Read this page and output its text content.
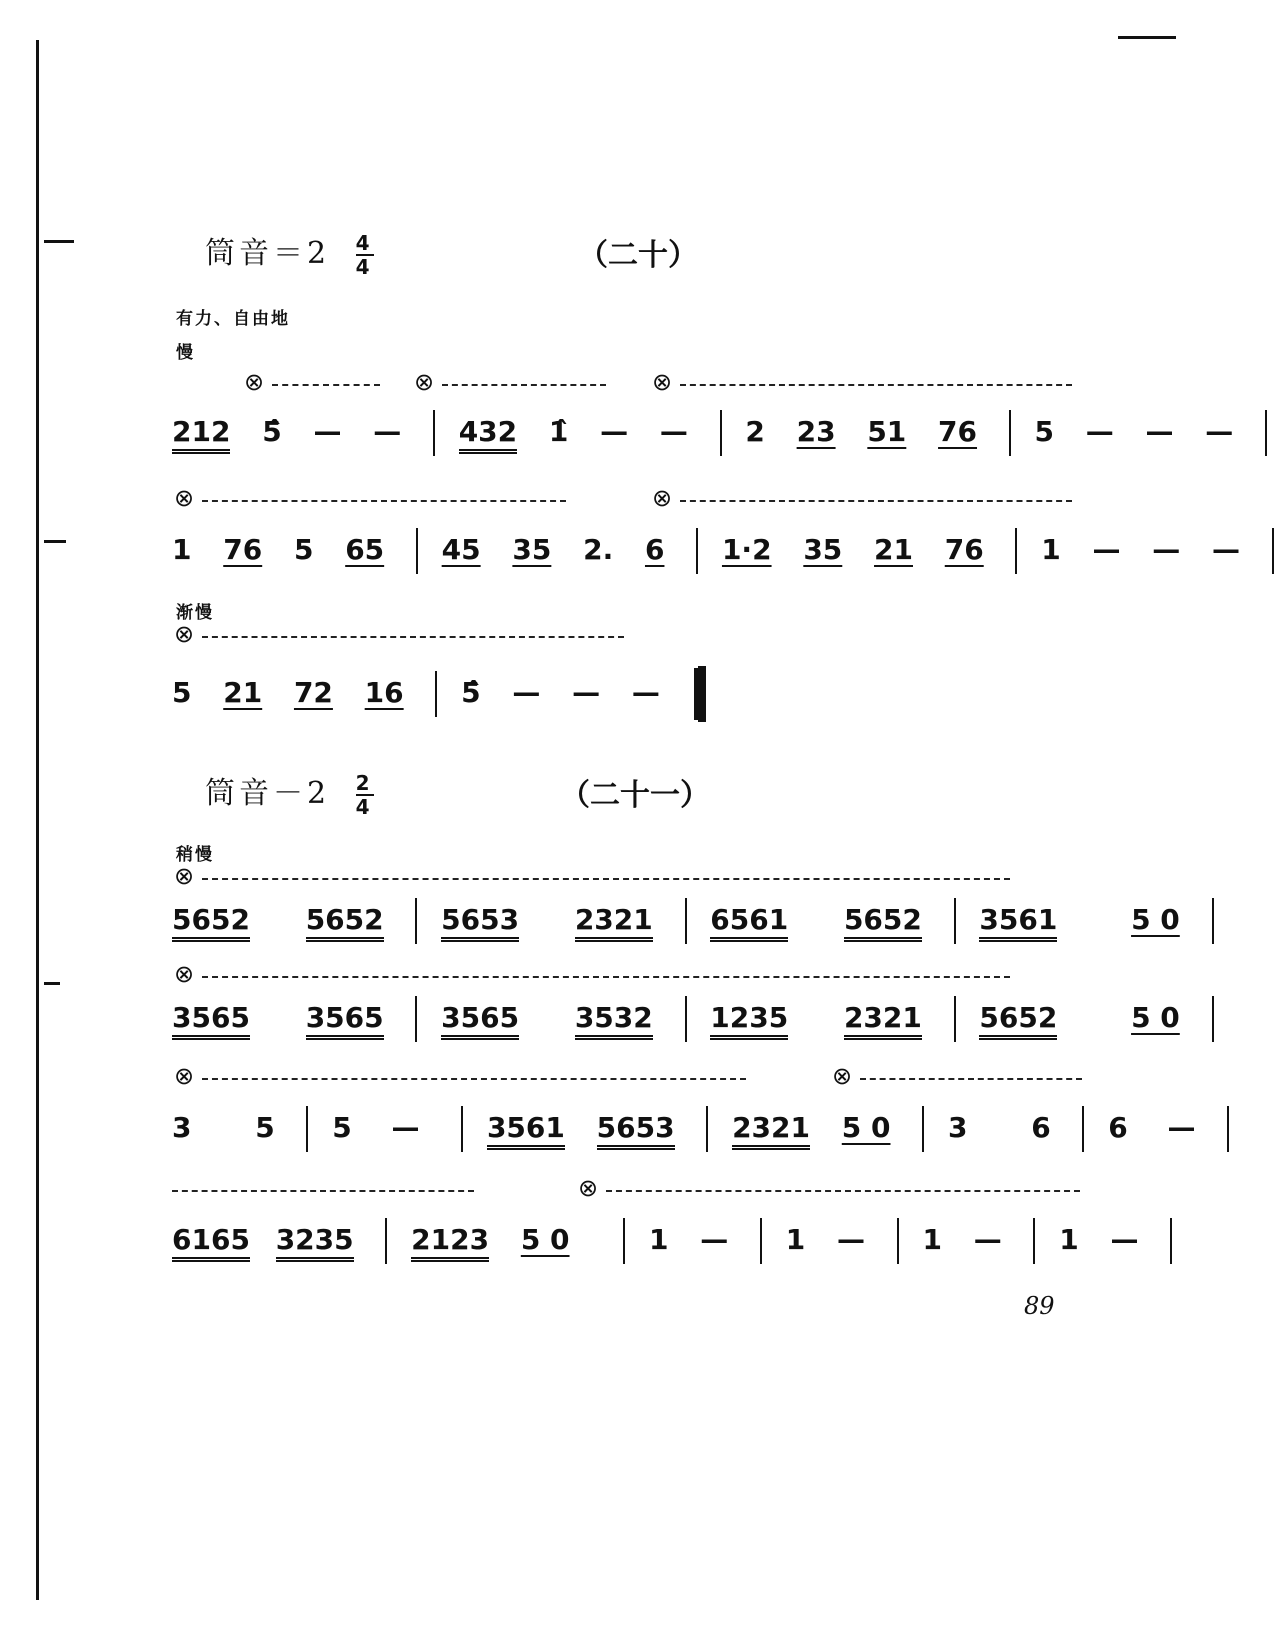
筒音$=2 \frac{4}{4}$	（二十）
有力、自由地
慢
⊗	⊗	⊗
212 5̂ — — 432 1̂ — — 2 23 51 76 5 — — —
⊗	⊗
1 76 5 65 45 35 2. 6 1·2 35 21 76 1 — — —
渐慢
⊗
5 21 72 16 5̂ — — —
筒音$-2 \frac{2}{4}$	（二十一）
稍慢
⊗
5652 5652 5653 2321 6561 5652 3561	5 0
⊗
3565 3565 3565 3532 1235 2321 5652	5 0
⊗	⊗
3 5 5 — 3561 5653 2321 5 0 3 6 6 —
⊗
6165 3235 2123 5 0	1 — 1 — 1 — 1 —
89
